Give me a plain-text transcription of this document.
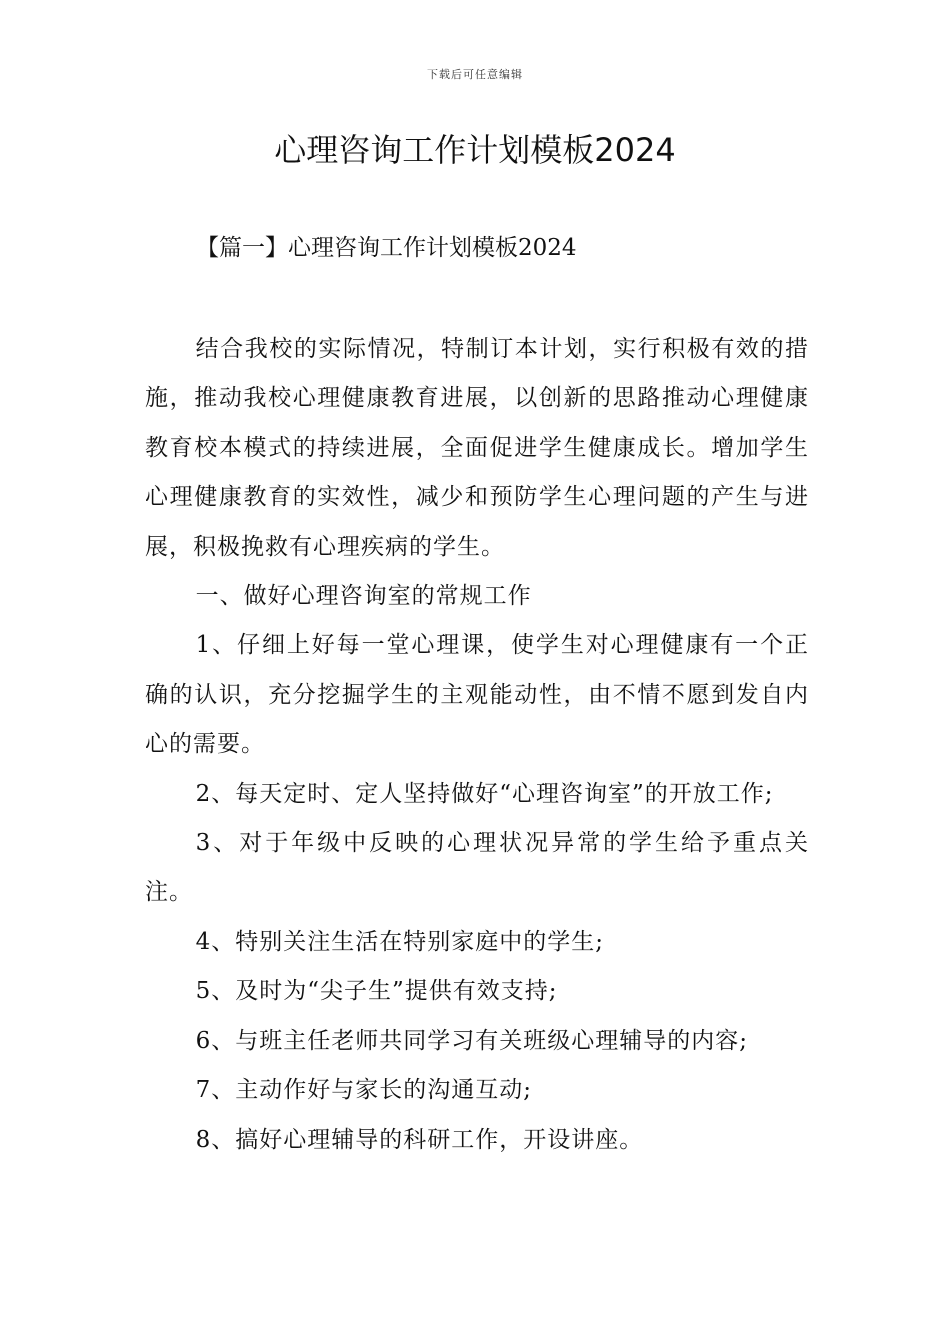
下载后可任意编辑
心理咨询工作计划模板2024
【篇一】心理咨询工作计划模板2024

结合我校的实际情况，特制订本计划，实行积极有效的措施，推动我校心理健康教育进展，以创新的思路推动心理健康教育校本模式的持续进展，全面促进学生健康成长。增加学生心理健康教育的实效性，减少和预防学生心理问题的产生与进展，积极挽救有心理疾病的学生。

一、做好心理咨询室的常规工作

1、仔细上好每一堂心理课，使学生对心理健康有一个正确的认识，充分挖掘学生的主观能动性，由不情不愿到发自内心的需要。

2、每天定时、定人坚持做好“心理咨询室”的开放工作;

3、对于年级中反映的心理状况异常的学生给予重点关注。

4、特别关注生活在特别家庭中的学生;

5、及时为“尖子生”提供有效支持;

6、与班主任老师共同学习有关班级心理辅导的内容;

7、主动作好与家长的沟通互动;

8、搞好心理辅导的科研工作，开设讲座。
